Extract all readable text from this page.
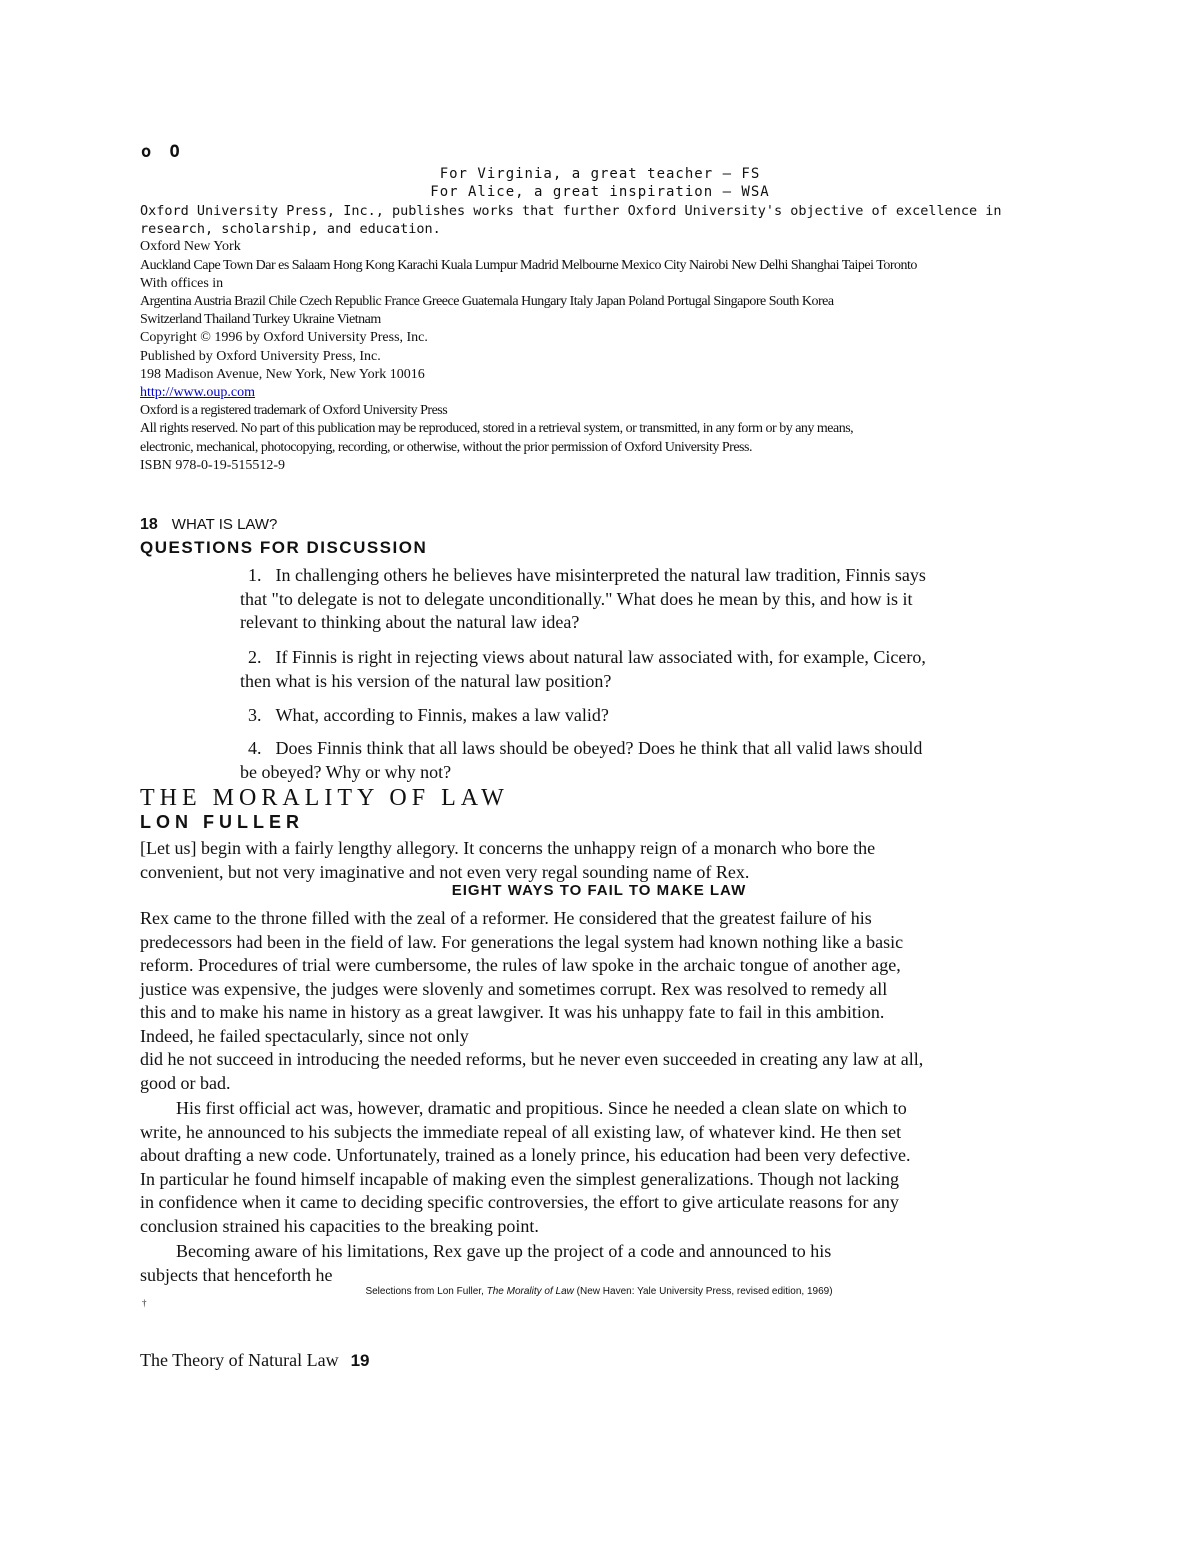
o O
For Virginia, a great teacher — FS
For Alice, a great inspiration — WSA
Oxford University Press, Inc., publishes works that further Oxford University's objective of excellence in research, scholarship, and education.
Oxford New York
Auckland Cape Town Dar es Salaam Hong Kong Karachi Kuala Lumpur Madrid Melbourne Mexico City Nairobi New Delhi Shanghai Taipei Toronto
With offices in
Argentina Austria Brazil Chile Czech Republic France Greece Guatemala Hungary Italy Japan Poland Portugal Singapore South Korea
Switzerland Thailand Turkey Ukraine Vietnam
Copyright © 1996 by Oxford University Press, Inc.
Published by Oxford University Press, Inc.
198 Madison Avenue, New York, New York 10016
http://www.oup.com
Oxford is a registered trademark of Oxford University Press
All rights reserved. No part of this publication may be reproduced, stored in a retrieval system, or transmitted, in any form or by any means,
electronic, mechanical, photocopying, recording, or otherwise, without the prior permission of Oxford University Press.
ISBN 978-0-19-515512-9
18 WHAT IS LAW?
QUESTIONS FOR DISCUSSION
1. In challenging others he believes have misinterpreted the natural law tradition, Finnis says
that "to delegate is not to delegate unconditionally." What does he mean by this, and how is it
relevant to thinking about the natural law idea?
2. If Finnis is right in rejecting views about natural law associated with, for example, Cicero,
then what is his version of the natural law position?
3. What, according to Finnis, makes a law valid?
4. Does Finnis think that all laws should be obeyed? Does he think that all valid laws should
be obeyed? Why or why not?
THE MORALITY OF LAW
LON FULLER
[Let us] begin with a fairly lengthy allegory. It concerns the unhappy reign of a monarch who bore the
convenient, but not very imaginative and not even very regal sounding name of Rex.
EIGHT WAYS TO FAIL TO MAKE LAW
Rex came to the throne filled with the zeal of a reformer. He considered that the greatest failure of his
predecessors had been in the field of law. For generations the legal system had known nothing like a basic
reform. Procedures of trial were cumbersome, the rules of law spoke in the archaic tongue of another age,
justice was expensive, the judges were slovenly and sometimes corrupt. Rex was resolved to remedy all
this and to make his name in history as a great lawgiver. It was his unhappy fate to fail in this ambition.
Indeed, he failed spectacularly, since not only
did he not succeed in introducing the needed reforms, but he never even succeeded in creating any law at all,
good or bad.
His first official act was, however, dramatic and propitious. Since he needed a clean slate on which to
write, he announced to his subjects the immediate repeal of all existing law, of whatever kind. He then set
about drafting a new code. Unfortunately, trained as a lonely prince, his education had been very defective.
In particular he found himself incapable of making even the simplest generalizations. Though not lacking
in confidence when it came to deciding specific controversies, the effort to give articulate reasons for any
conclusion strained his capacities to the breaking point.
Becoming aware of his limitations, Rex gave up the project of a code and announced to his
subjects that henceforth he
Selections from Lon Fuller, The Morality of Law (New Haven: Yale University Press, revised edition, 1969)
†
The Theory of Natural Law 19
